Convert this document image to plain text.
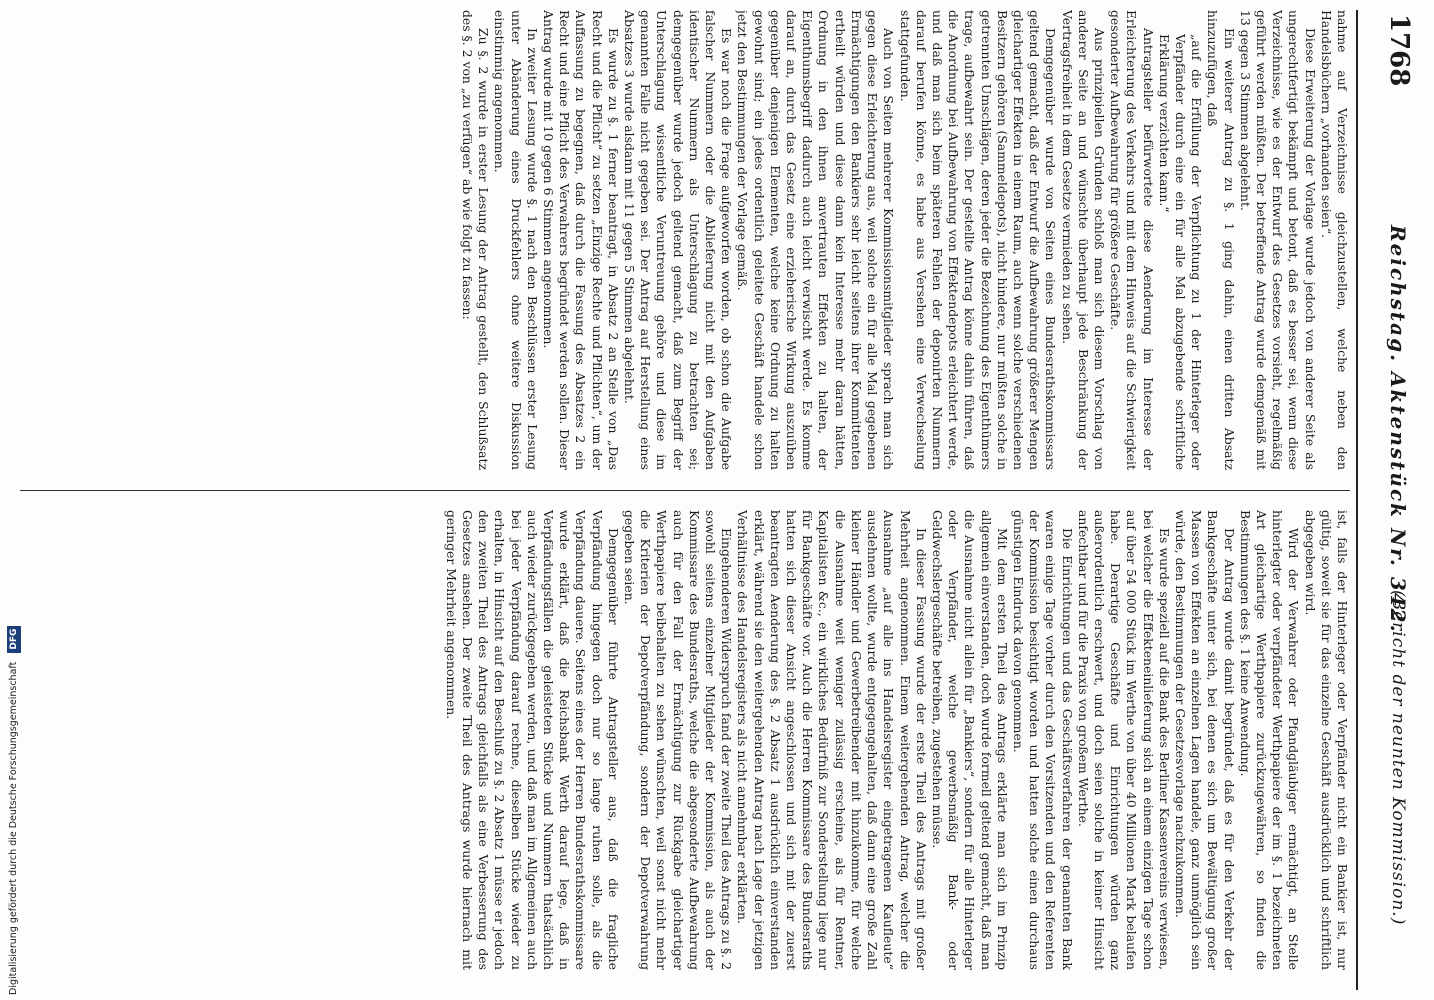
1768
Reichstag. Aktenstück Nr. 342.
(Bericht der neunten Kommission.)

nahme auf Verzeichnisse gleichzustellen, welche neben den Handelsbüchern „vorhanden seien“.

Diese Erweiterung der Vorlage wurde jedoch von anderer Seite als ungerechtfertigt bekämpft und betont, daß es besser sei, wenn diese Verzeichnisse, wie es der Entwurf des Gesetzes vorsieht, regelmäßig geführt werden müßten. Der betreffende Antrag wurde demgemäß mit 13 gegen 3 Stimmen abgelehnt.

Ein weiterer Antrag zu §. 1 ging dahin, einen dritten Absatz hinzuzufügen, daß

„auf die Erfüllung der Verpflichtung zu 1 der Hinterleger oder Verpfänder durch eine ein für alle Mal abzugebende schriftliche Erklärung verzichten kann.“

Antragsteller befürwortete diese Aenderung im Interesse der Erleichterung des Verkehrs und mit dem Hinweis auf die Schwierigkeit gesonderter Aufbewahrung für größere Geschäfte.

Aus prinzipiellen Gründen schloß man sich diesem Vorschlag von anderer Seite an und wünschte überhaupt jede Beschränkung der Vertragsfreiheit in dem Gesetze vermieden zu sehen.

Demgegenüber wurde von Seiten eines Bundesrathskommissars geltend gemacht, daß der Entwurf die Aufbewahrung größerer Mengen gleichartiger Effekten in einem Raum, auch wenn solche verschiedenen Besitzern gehören (Sammeldepots), nicht hindere, nur müßten solche in getrennten Umschlägen, deren jeder die Bezeichnung des Eigenthümers trage, aufbewahrt sein. Der gestellte Antrag könne dahin führen, daß die Anordnung bei Aufbewahrung von Effektendepots erleichtert werde, und daß man sich beim späteren Fehlen der deponirten Nummern darauf berufen könne, es habe aus Versehen eine Verwechselung stattgefunden.

Auch von Seiten mehrerer Kommissionsmitglieder sprach man sich gegen diese Erleichterung aus, weil solche ein für alle Mal gegebenen Ermächtigungen den Bankiers sehr leicht seitens ihrer Kommittenten ertheilt würden und diese dann kein Interesse mehr daran hätten, Ordnung in den ihnen anvertrauten Effekten zu halten, der Eigenthumsbegriff dadurch auch leicht verwischt werde. Es komme darauf an, durch das Gesetz eine erzieherische Wirkung auszuüben gegenüber denjenigen Elementen, welche keine Ordnung zu halten gewohnt sind; ein jedes ordentlich geleitete Geschäft handele schon jetzt den Bestimmungen der Vorlage gemäß.

Es war noch die Frage aufgeworfen worden, ob schon die Aufgabe falscher Nummern oder die Ablieferung nicht mit den Aufgaben identischer Nummern als Unterschlagung zu betrachten sei; demgegenüber wurde jedoch geltend gemacht, daß zum Begriff der Unterschlagung wissentliche Veruntreuung gehöre und diese im genannten Falle nicht gegeben sei. Der Antrag auf Herstellung eines Absatzes 3 wurde alsdann mit 11 gegen 5 Stimmen abgelehnt.

Es wurde zu §. 1 ferner beantragt, in Absatz 2 an Stelle von „Das Recht und die Pflicht“ zu setzen „Einzige Rechte und Pflichten“, um der Auffassung zu begegnen, daß durch die Fassung des Absatzes 2 ein Recht und eine Pflicht des Verwahrers begründet werden sollen. Dieser Antrag wurde mit 10 gegen 6 Stimmen angenommen.

In zweiter Lesung wurde §. 1 nach den Beschlüssen erster Lesung unter Abänderung eines Druckfehlers ohne weitere Diskussion einstimmig angenommen.

Zu §. 2 wurde in erster Lesung der Antrag gestellt, den Schlußsatz des §. 2 von „zu verfügen“ ab wie folgt zu fassen:

ist, falls der Hinterleger oder Verpfänder nicht ein Bankier ist, nur gültig, soweit sie für das einzelne Geschäft ausdrücklich und schriftlich abgegeben wird.

Wird der Verwahrer oder Pfandgläubiger ermächtigt, an Stelle hinterlegter oder verpfändeter Werthpapiere der im §. 1 bezeichneten Art gleichartige Werthpapiere zurückzugewähren, so finden die Bestimmungen des §. 1 keine Anwendung.

Der Antrag wurde damit begründet, daß es für den Verkehr der Bankgeschäfte unter sich, bei denen es sich um Bewältigung großer Massen von Effekten an einzelnen Lagen handele, ganz unmöglich sein würde, den Bestimmungen der Gesetzesvorlage nachzukommen.

Es wurde speziell auf die Bank des Berliner Kassenvereins verwiesen, bei welcher die Effekteneinlieferung sich an einem einzigen Tage schon auf über 54 000 Stück im Werthe von über 40 Millionen Mark belaufen habe. Derartige Geschäfte und Einrichtungen würden ganz außerordentlich erschwert, und doch seien solche in keiner Hinsicht anfechtbar und für die Praxis von großem Werthe.

Die Einrichtungen und das Geschäftsverfahren der genannten Bank waren einige Tage vorher durch den Vorsitzenden und den Referenten der Kommission besichtigt worden und hatten solche einen durchaus günstigen Eindruck davon genommen.

Mit dem ersten Theil des Antrags erklärte man sich im Prinzip allgemein einverstanden, doch wurde formell geltend gemacht, daß man die Ausnahme nicht allein für „Bankiers“, sondern für alle Hinterleger oder Verpfänder, welche gewerbsmäßig Bank- oder Geldwechslergeschäfte betreiben, zugestehen müsse.

In dieser Fassung wurde der erste Theil des Antrags mit großer Mehrheit angenommen. Einem weitergehenden Antrag, welcher die Ausnahme „auf alle ins Handelsregister eingetragenen Kaufleute“ ausdehnen wollte, wurde entgegengehalten, daß dann eine große Zahl kleiner Händler und Gewerbetreibender mit hinzukomme, für welche die Ausnahme weit weniger zulässig erscheine, als für Rentner, Kapitalisten &c., ein wirkliches Bedürfniß zur Sonderstellung liege nur für Bankgeschäfte vor. Auch die Herren Kommissare des Bundesraths hatten sich dieser Ansicht angeschlossen und sich mit der zuerst beantragten Aenderung des §. 2 Absatz 1 ausdrücklich einverstanden erklärt, während sie den weitergehenden Antrag nach Lage der jetzigen Verhältnisse des Handelsregisters als nicht annehmbar erklärten.

Eingehenderen Widerspruch fand der zweite Theil des Antrags zu §. 2 sowohl seitens einzelner Mitglieder der Kommission, als auch der Kommissare des Bundesraths, welche die abgesonderte Aufbewahrung auch für den Fall der Ermächtigung zur Rückgabe gleichartiger Werthpapiere beibehalten zu sehen wünschten, weil sonst nicht mehr die Kriterien der Depotverpfändung, sondern der Depotverwahrung gegeben seien.

Demgegenüber führte Antragsteller aus, daß die fragliche Verpfändung hingegen doch nur so lange ruhen solle, als die Verpfändung dauere. Seitens eines der Herren Bundesrathskommissare wurde erklärt, daß die Reichsbank Werth darauf lege, daß in Verpfändungsfällen die geleisteten Stücke und Nummern thatsächlich auch wieder zurückgegeben werden, und daß man im Allgemeinen auch bei jeder Verpfändung darauf rechne, dieselben Stücke wieder zu erhalten, in Hinsicht auf den Beschluß zu §. 2 Absatz 1 müsse er jedoch den zweiten Theil des Antrags gleichfalls als eine Verbesserung des Gesetzes ansehen. Der zweite Theil des Antrags wurde hiernach mit geringer Mehrheit angenommen.

Digitalisierung gefördert durch die Deutsche Forschungsgemeinschaft DFG
